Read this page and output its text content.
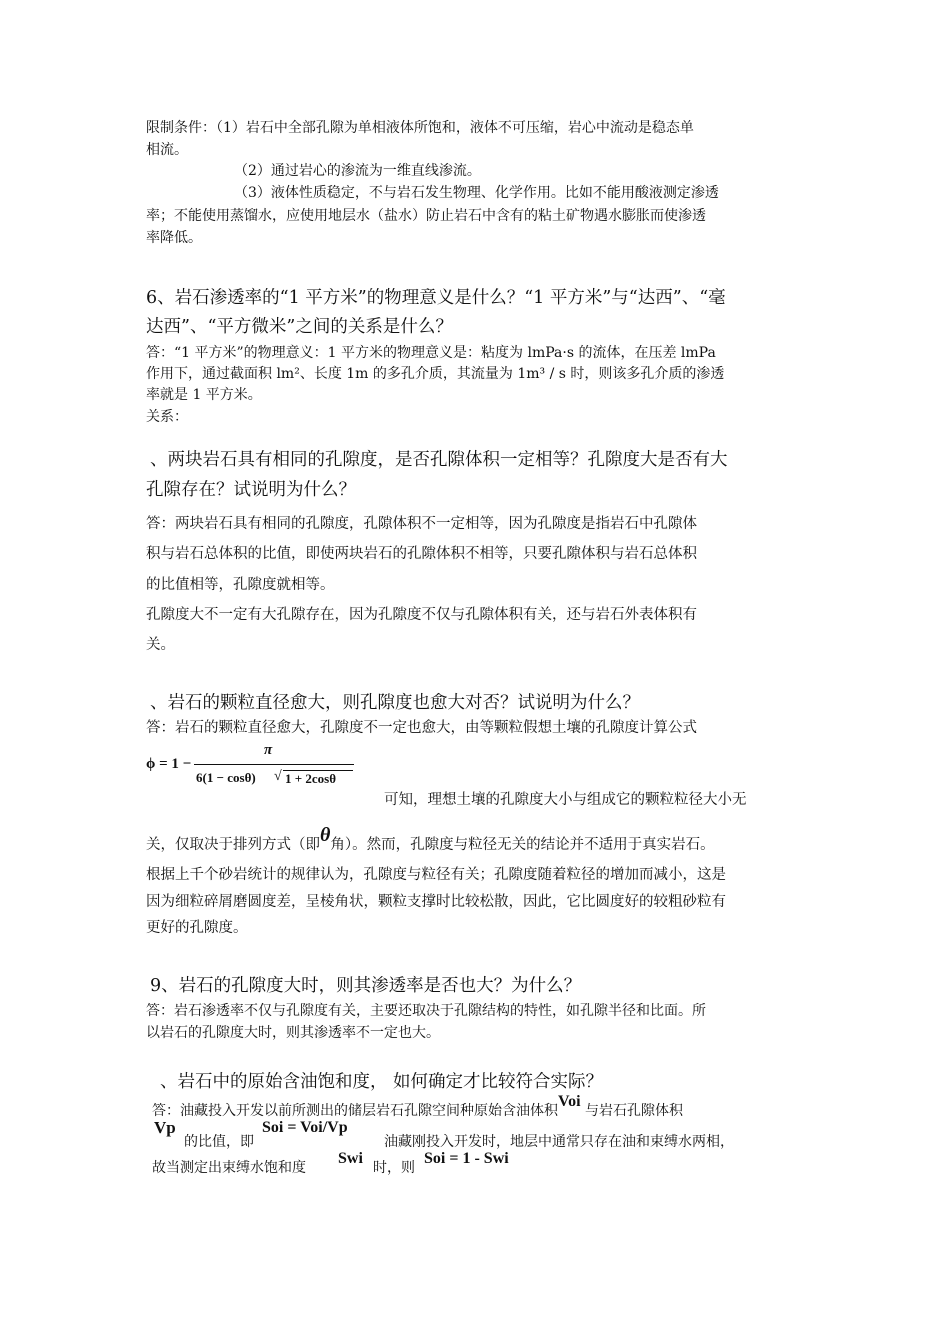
限制条件：（1）岩石中全部孔隙为单相液体所饱和，液体不可压缩，岩心中流动是稳态单
相流。
（2）通过岩心的渗流为一维直线渗流。
（3）液体性质稳定，不与岩石发生物理、化学作用。比如不能用酸液测定渗透
率；不能使用蒸馏水，应使用地层水（盐水）防止岩石中含有的粘土矿物遇水膨胀而使渗透
率降低。
6、岩石渗透率的“1 平方米”的物理意义是什么？“1 平方米”与“达西”、“毫
达西”、“平方微米”之间的关系是什么？
答：“1 平方米”的物理意义：1 平方米的物理意义是：粘度为 lmPa·s 的流体，在压差 lmPa
作用下，通过截面积 lm²、长度 1m 的多孔介质，其流量为 1m³ / s 时，则该多孔介质的渗透
率就是 1 平方米。
关系：
、两块岩石具有相同的孔隙度，是否孔隙体积一定相等？孔隙度大是否有大
孔隙存在？试说明为什么？
答：两块岩石具有相同的孔隙度，孔隙体积不一定相等，因为孔隙度是指岩石中孔隙体
积与岩石总体积的比值，即使两块岩石的孔隙体积不相等，只要孔隙体积与岩石总体积
的比值相等，孔隙度就相等。
孔隙度大不一定有大孔隙存在，因为孔隙度不仅与孔隙体积有关，还与岩石外表体积有
关。
、岩石的颗粒直径愈大，则孔隙度也愈大对否？试说明为什么？
答：岩石的颗粒直径愈大，孔隙度不一定也愈大，由等颗粒假想土壤的孔隙度计算公式
ϕ = 1 −
π
6(1 − cosθ) √ 1 + 2cosθ
可知，理想土壤的孔隙度大小与组成它的颗粒粒径大小无
关，仅取决于排列方式（即θ角）。然而，孔隙度与粒径无关的结论并不适用于真实岩石。
根据上千个砂岩统计的规律认为，孔隙度与粒径有关；孔隙度随着粒径的增加而减小，这是
因为细粒碎屑磨圆度差，呈棱角状，颗粒支撑时比较松散，因此，它比圆度好的较粗砂粒有
更好的孔隙度。
9、岩石的孔隙度大时，则其渗透率是否也大？为什么？
答：岩石渗透率不仅与孔隙度有关，主要还取决于孔隙结构的特性，如孔隙半径和比面。所
以岩石的孔隙度大时，则其渗透率不一定也大。
、岩石中的原始含油饱和度， 如何确定才比较符合实际？
答：油藏投入开发以前所测出的储层岩石孔隙空间种原始含油体积Voi 与岩石孔隙体积
Vp
的比值，即
Soi = Voi/Vp
油藏刚投入开发时，地层中通常只存在油和束缚水两相，
故当测定出束缚水饱和度
Swi
时，则
Soi = 1 - Swi
